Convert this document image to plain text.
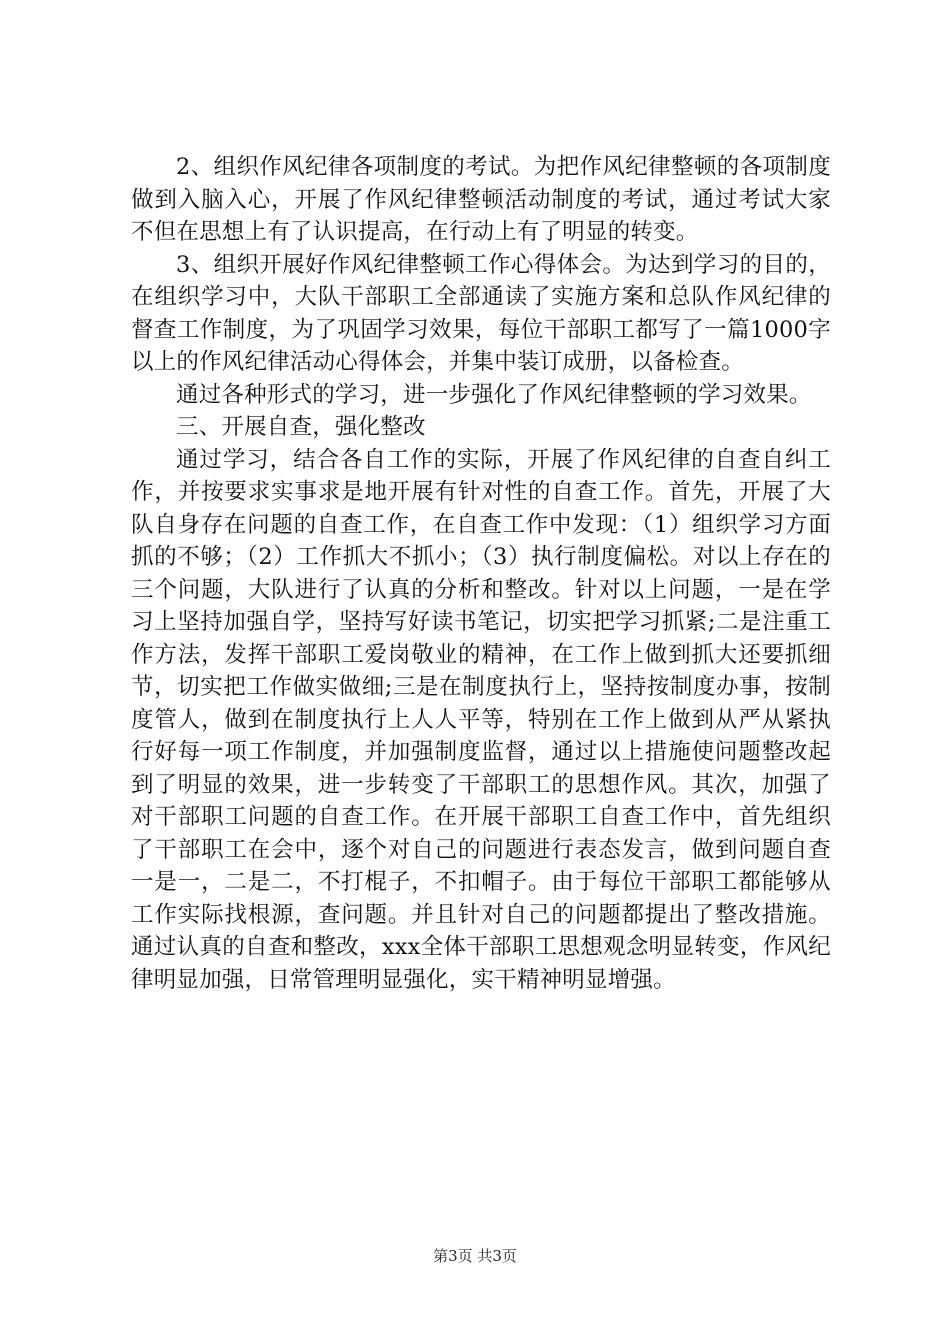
2、组织作风纪律各项制度的考试。为把作风纪律整顿的各项制度做到入脑入心，开展了作风纪律整顿活动制度的考试，通过考试大家不但在思想上有了认识提高，在行动上有了明显的转变。

3、组织开展好作风纪律整顿工作心得体会。为达到学习的目的，在组织学习中，大队干部职工全部通读了实施方案和总队作风纪律的督查工作制度，为了巩固学习效果，每位干部职工都写了一篇1000字以上的作风纪律活动心得体会，并集中装订成册，以备检查。

通过各种形式的学习，进一步强化了作风纪律整顿的学习效果。

三、开展自查，强化整改

通过学习，结合各自工作的实际，开展了作风纪律的自查自纠工作，并按要求实事求是地开展有针对性的自查工作。首先，开展了大队自身存在问题的自查工作，在自查工作中发现：（1）组织学习方面抓的不够；（2）工作抓大不抓小；（3）执行制度偏松。对以上存在的三个问题，大队进行了认真的分析和整改。针对以上问题，一是在学习上坚持加强自学，坚持写好读书笔记，切实把学习抓紧;二是注重工作方法，发挥干部职工爱岗敬业的精神，在工作上做到抓大还要抓细节，切实把工作做实做细;三是在制度执行上，坚持按制度办事，按制度管人，做到在制度执行上人人平等，特别在工作上做到从严从紧执行好每一项工作制度，并加强制度监督，通过以上措施使问题整改起到了明显的效果，进一步转变了干部职工的思想作风。其次，加强了对干部职工问题的自查工作。在开展干部职工自查工作中，首先组织了干部职工在会中，逐个对自己的问题进行表态发言，做到问题自查一是一，二是二，不打棍子，不扣帽子。由于每位干部职工都能够从工作实际找根源，查问题。并且针对自己的问题都提出了整改措施。通过认真的自查和整改，xxx全体干部职工思想观念明显转变，作风纪律明显加强，日常管理明显强化，实干精神明显增强。

第3页 共3页
